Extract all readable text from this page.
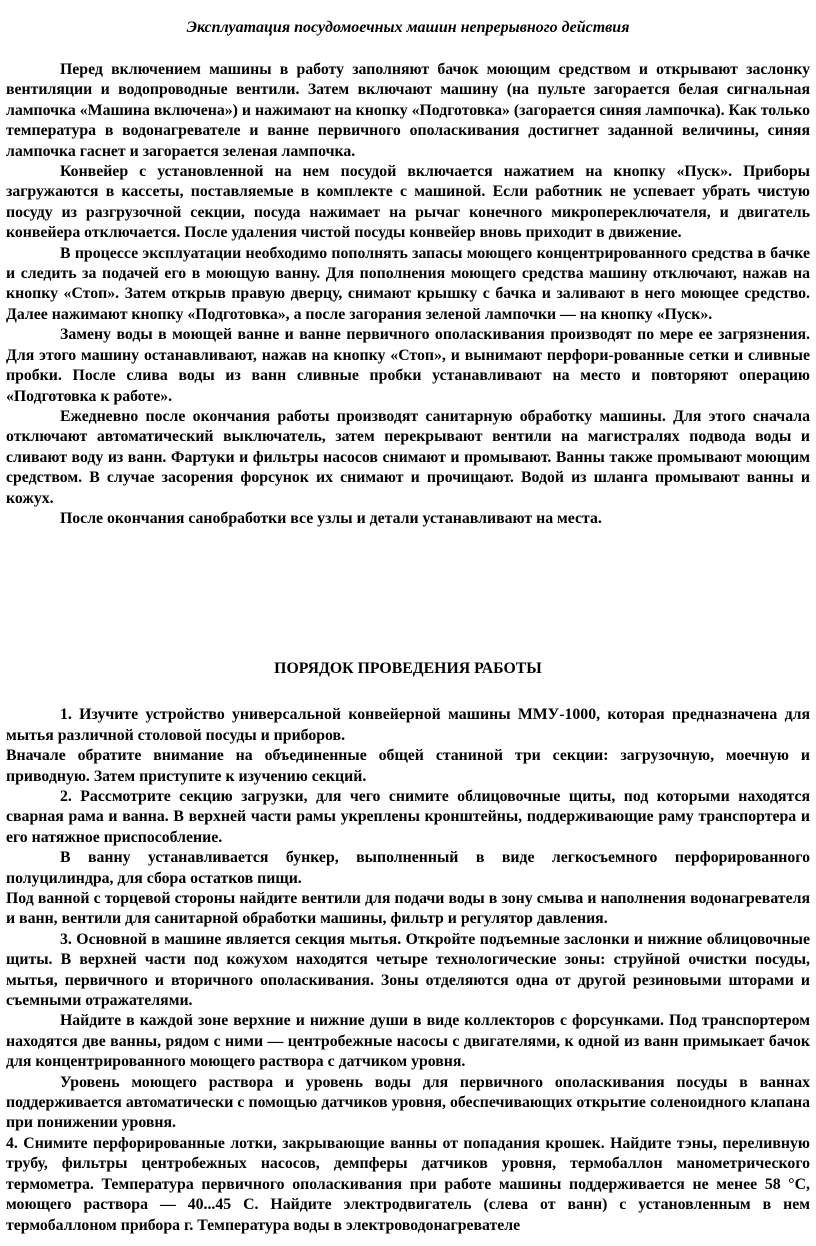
Эксплуатация посудомоечных машин непрерывного действия

Перед включением машины в работу заполняют бачок моющим средством и открывают заслонку вентиляции и водопроводные вентили. Затем включают машину (на пульте загорается белая сигнальная лампочка «Машина включена») и нажимают на кнопку «Подготовка» (загорается синяя лампочка). Как только температура в водонагревателе и ванне первичного ополаскивания достигнет заданной величины, синяя лампочка гаснет и загорается зеленая лампочка.

Конвейер с установленной на нем посудой включается нажатием на кнопку «Пуск». Приборы загружаются в кассеты, поставляемые в комплекте с машиной. Если работник не успевает убрать чистую посуду из разгрузочной секции, посуда нажимает на рычаг конечного микропереключателя, и двигатель конвейера отключается. После удаления чистой посуды конвейер вновь приходит в движение.

В процессе эксплуатации необходимо пополнять запасы моющего концентрированного средства в бачке и следить за подачей его в моющую ванну. Для пополнения моющего средства машину отключают, нажав на кнопку «Стоп». Затем открыв правую дверцу, снимают крышку с бачка и заливают в него моющее средство. Далее нажимают кнопку «Подготовка», а после загорания зеленой лампочки — на кнопку «Пуск».

Замену воды в моющей ванне и ванне первичного ополаскивания производят по мере ее загрязнения. Для этого машину останавливают, нажав на кнопку «Стоп», и вынимают перфори-рованные сетки и сливные пробки. После слива воды из ванн сливные пробки устанавливают на место и повторяют операцию «Подготовка к работе».

Ежедневно после окончания работы производят санитарную обработку машины. Для этого сначала отключают автоматический выключатель, затем перекрывают вентили на магистралях подвода воды и сливают воду из ванн. Фартуки и фильтры насосов снимают и промывают. Ванны также промывают моющим средством. В случае засорения форсунок их снимают и прочищают. Водой из шланга промывают ванны и кожух.

После окончания санобработки все узлы и детали устанавливают на места.

ПОРЯДОК ПРОВЕДЕНИЯ РАБОТЫ

1. Изучите устройство универсальной конвейерной машины ММУ-1000, которая предназначена для мытья различной столовой посуды и приборов.

Вначале обратите внимание на объединенные общей станиной три секции: загрузочную, моечную и приводную. Затем приступите к изучению секций.

2. Рассмотрите секцию загрузки, для чего снимите облицовочные щиты, под которыми находятся сварная рама и ванна. В верхней части рамы укреплены кронштейны, поддерживающие раму транспортера и его натяжное приспособление.

В ванну устанавливается бункер, выполненный в виде легкосъемного перфорированного полуцилиндра, для сбора остатков пищи.

Под ванной с торцевой стороны найдите вентили для подачи воды в зону смыва и наполнения водонагревателя и ванн, вентили для санитарной обработки машины, фильтр и регулятор давления.

3. Основной в машине является секция мытья. Откройте подъемные заслонки и нижние облицовочные щиты. В верхней части под кожухом находятся четыре технологические зоны: струйной очистки посуды, мытья, первичного и вторичного ополаскивания. Зоны отделяются одна от другой резиновыми шторами и съемными отражателями.

Найдите в каждой зоне верхние и нижние души в виде коллекторов с форсунками. Под транспортером находятся две ванны, рядом с ними — центробежные насосы с двигателями, к одной из ванн примыкает бачок для концентрированного моющего раствора с датчиком уровня.

Уровень моющего раствора и уровень воды для первичного ополаскивания посуды в ваннах поддерживается автоматически с помощью датчиков уровня, обеспечивающих открытие соленоидного клапана при понижении уровня.

4. Снимите перфорированные лотки, закрывающие ванны от попадания крошек. Найдите тэны, переливную трубу, фильтры центробежных насосов, демпферы датчиков уровня, термобаллон манометрического термометра. Температура первичного ополаскивания при работе машины поддерживается не менее 58 °С, моющего раствора — 40...45 С. Найдите электродвигатель (слева от ванн) с установленным в нем термобаллоном прибора г. Температура воды в электроводонагревателе
